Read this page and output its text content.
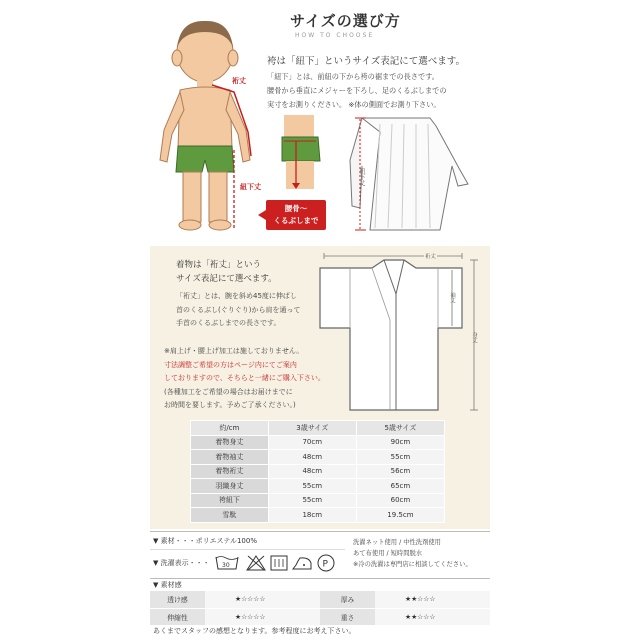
サイズの選び方
HOW TO CHOOSE
裄丈
紐下丈
袴は「紐下」というサイズ表記にて選べます。
「紐下」とは、前紐の下から袴の裾までの長さです。
腰骨から垂直にメジャーを下ろし、足のくるぶしまでの
実寸をお測りください。 ※体の側面でお測り下さい。
腰骨〜
くるぶしまで
紐下丈
着物は「裄丈」という
サイズ表記にて選べます。
「裄丈」とは、腕を斜め45度に伸ばし
首のくるぶし(ぐりぐり)から肩を通って
手首のくるぶしまでの長さです。
※肩上げ・腰上げ加工は施しておりません。
寸法調整ご希望の方はページ内にてご案内
しておりますので、そちらと一緒にご購入下さい。
(各種加工をご希望の場合はお届けまでに
お時間を要します。予めご了承ください。)
裄丈
袖丈
身丈
約/cm	3歳サイズ	5歳サイズ
着物身丈	70cm	90cm
着物袖丈	48cm	55cm
着物裄丈	48cm	56cm
羽織身丈	55cm	65cm
袴紐下	55cm	60cm
雪駄	18cm	19.5cm
▼ 素材・・・ポリエステル100%
▼ 洗濯表示・・・ 30	P
洗濯ネット使用 / 中性洗剤使用
あて布使用 / 短時間脱水
※冷の洗濯は専門店に相談してください。
▼ 素材感
透け感	★☆☆☆☆	厚み	★★☆☆☆
伸縮性	★☆☆☆☆	重さ	★★☆☆☆
あくまでスタッフの感想となります。参考程度にお考え下さい。
